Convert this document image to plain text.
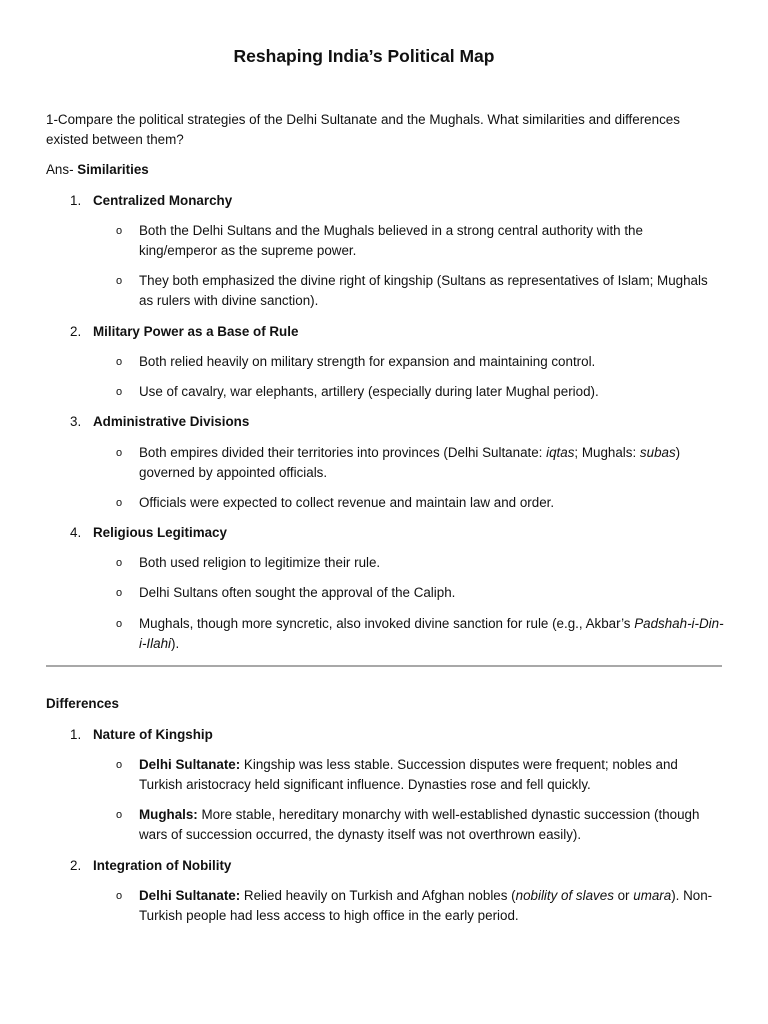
Reshaping India’s Political Map
1-Compare the political strategies of the Delhi Sultanate and the Mughals. What similarities and differences existed between them?
Ans- Similarities
1. Centralized Monarchy
o Both the Delhi Sultans and the Mughals believed in a strong central authority with the king/emperor as the supreme power.
o They both emphasized the divine right of kingship (Sultans as representatives of Islam; Mughals as rulers with divine sanction).
2. Military Power as a Base of Rule
o Both relied heavily on military strength for expansion and maintaining control.
o Use of cavalry, war elephants, artillery (especially during later Mughal period).
3. Administrative Divisions
o Both empires divided their territories into provinces (Delhi Sultanate: iqtas; Mughals: subas) governed by appointed officials.
o Officials were expected to collect revenue and maintain law and order.
4. Religious Legitimacy
o Both used religion to legitimize their rule.
o Delhi Sultans often sought the approval of the Caliph.
o Mughals, though more syncretic, also invoked divine sanction for rule (e.g., Akbar’s Padshah-i-Din-i-Ilahi).
Differences
1. Nature of Kingship
o Delhi Sultanate: Kingship was less stable. Succession disputes were frequent; nobles and Turkish aristocracy held significant influence. Dynasties rose and fell quickly.
o Mughals: More stable, hereditary monarchy with well-established dynastic succession (though wars of succession occurred, the dynasty itself was not overthrown easily).
2. Integration of Nobility
o Delhi Sultanate: Relied heavily on Turkish and Afghan nobles (nobility of slaves or umara). Non-Turkish people had less access to high office in the early period.
